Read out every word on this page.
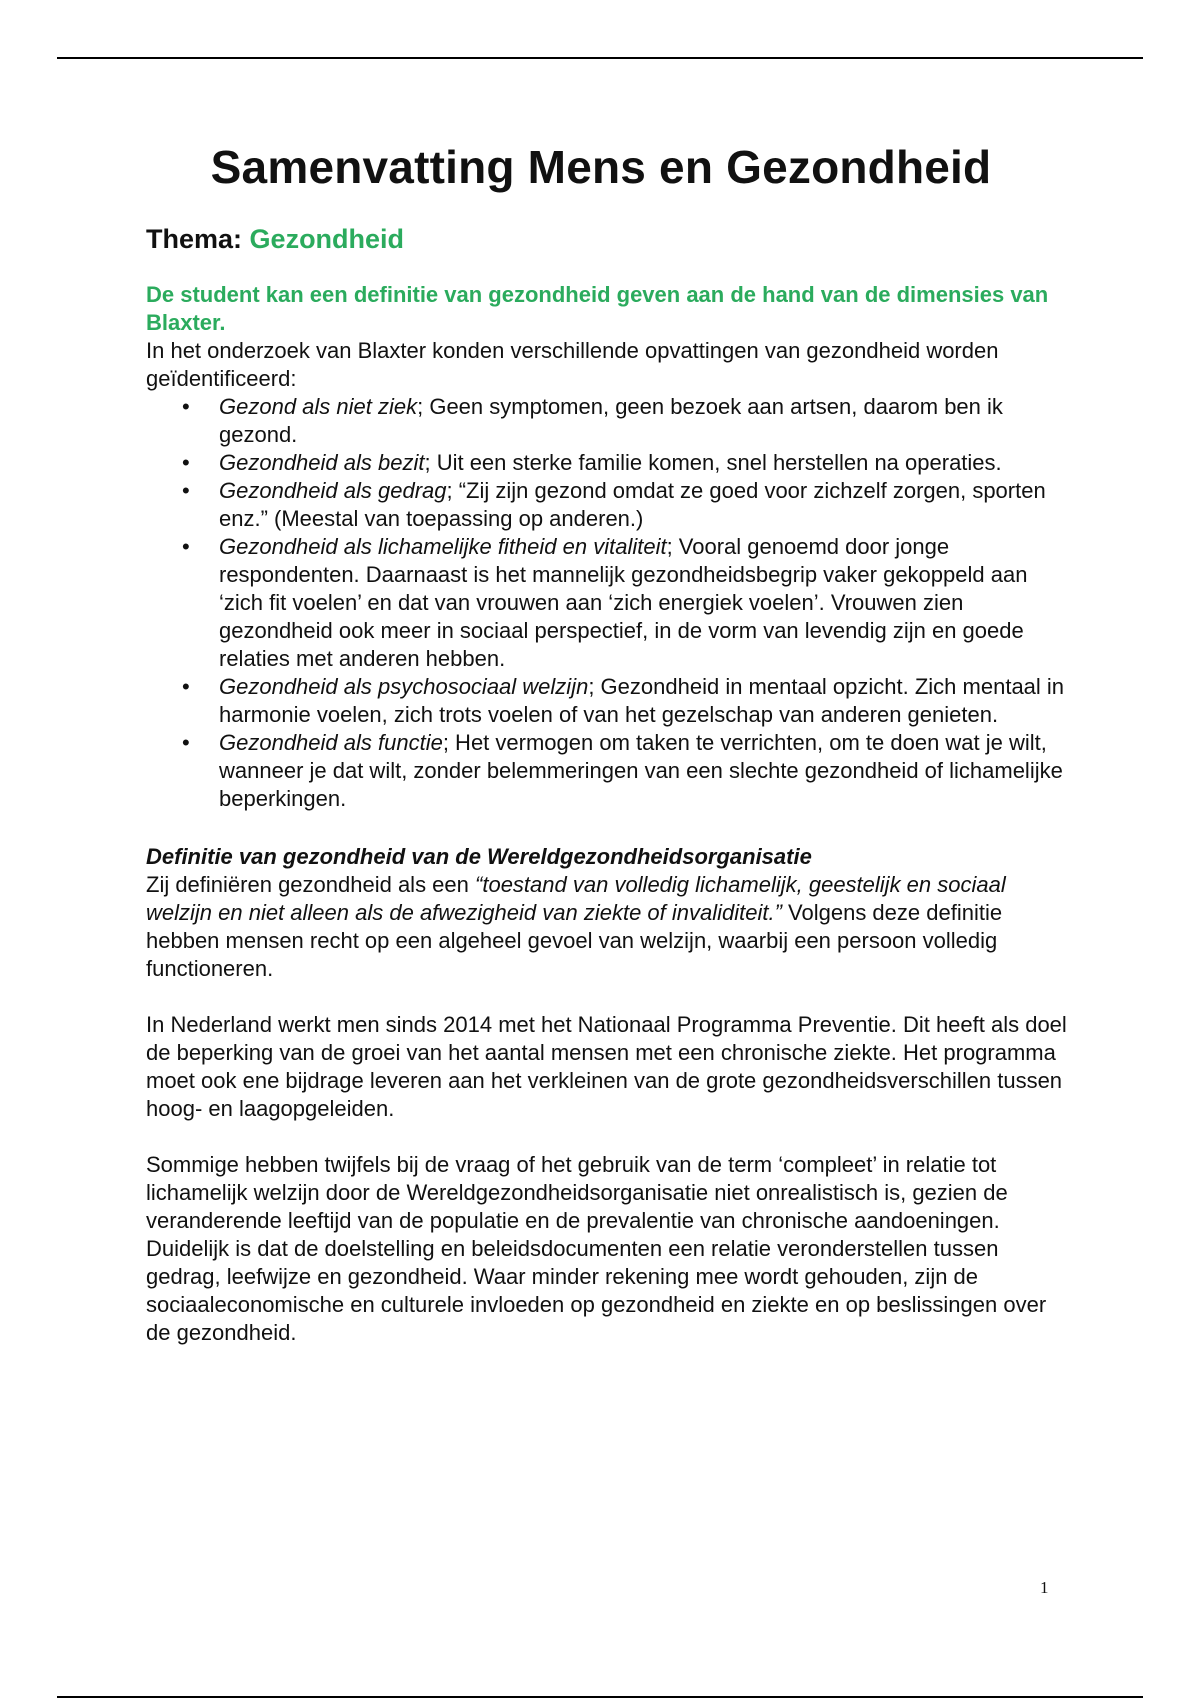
Samenvatting Mens en Gezondheid
Thema: Gezondheid
De student kan een definitie van gezondheid geven aan de hand van de dimensies van Blaxter.

In het onderzoek van Blaxter konden verschillende opvattingen van gezondheid worden geïdentificeerd:

• Gezond als niet ziek; Geen symptomen, geen bezoek aan artsen, daarom ben ik gezond.
• Gezondheid als bezit; Uit een sterke familie komen, snel herstellen na operaties.
• Gezondheid als gedrag; “Zij zijn gezond omdat ze goed voor zichzelf zorgen, sporten enz.” (Meestal van toepassing op anderen.)
• Gezondheid als lichamelijke fitheid en vitaliteit; Vooral genoemd door jonge respondenten. Daarnaast is het mannelijk gezondheidsbegrip vaker gekoppeld aan ‘zich fit voelen’ en dat van vrouwen aan ‘zich energiek voelen’. Vrouwen zien gezondheid ook meer in sociaal perspectief, in de vorm van levendig zijn en goede relaties met anderen hebben.
• Gezondheid als psychosociaal welzijn; Gezondheid in mentaal opzicht. Zich mentaal in harmonie voelen, zich trots voelen of van het gezelschap van anderen genieten.
• Gezondheid als functie; Het vermogen om taken te verrichten, om te doen wat je wilt, wanneer je dat wilt, zonder belemmeringen van een slechte gezondheid of lichamelijke beperkingen.
Definitie van gezondheid van de Wereldgezondheidsorganisatie

Zij definiëren gezondheid als een “toestand van volledig lichamelijk, geestelijk en sociaal welzijn en niet alleen als de afwezigheid van ziekte of invaliditeit.” Volgens deze definitie hebben mensen recht op een algeheel gevoel van welzijn, waarbij een persoon volledig functioneren.

In Nederland werkt men sinds 2014 met het Nationaal Programma Preventie. Dit heeft als doel de beperking van de groei van het aantal mensen met een chronische ziekte. Het programma moet ook ene bijdrage leveren aan het verkleinen van de grote gezondheidsverschillen tussen hoog- en laagopgeleiden.

Sommige hebben twijfels bij de vraag of het gebruik van de term ‘compleet’ in relatie tot lichamelijk welzijn door de Wereldgezondheidsorganisatie niet onrealistisch is, gezien de veranderende leeftijd van de populatie en de prevalentie van chronische aandoeningen. Duidelijk is dat de doelstelling en beleidsdocumenten een relatie veronderstellen tussen gedrag, leefwijze en gezondheid. Waar minder rekening mee wordt gehouden, zijn de sociaaleconomische en culturele invloeden op gezondheid en ziekte en op beslissingen over de gezondheid.

1
